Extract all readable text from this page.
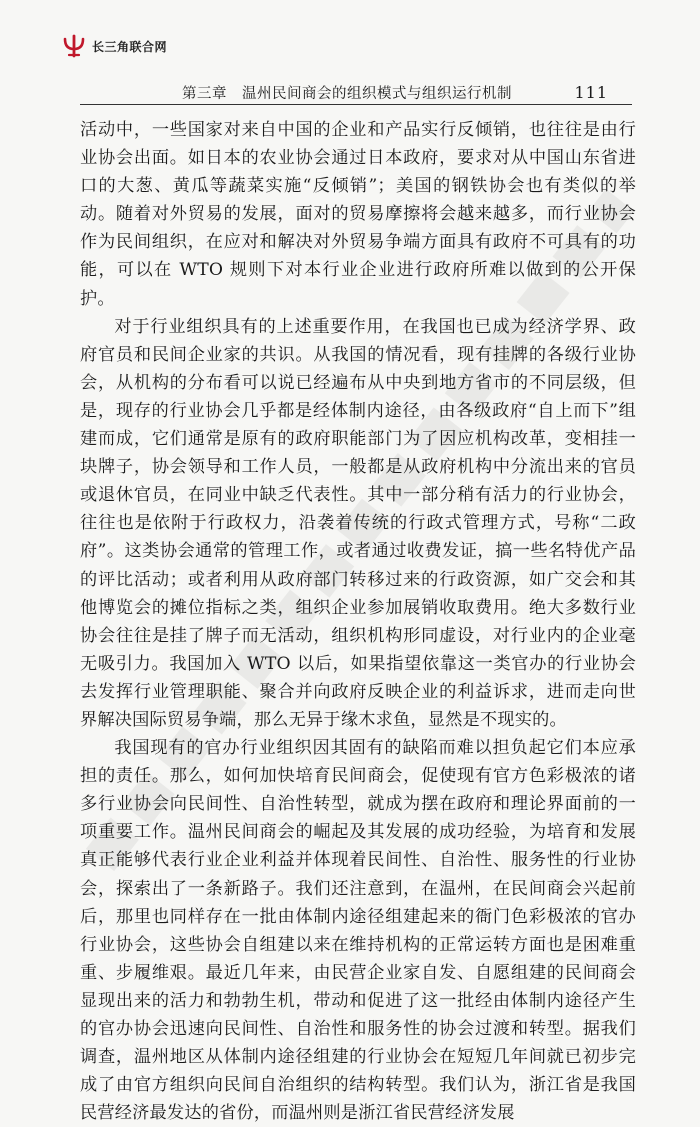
长三角联合网
第三章　温州民间商会的组织模式与组织运行机制	111

活动中，一些国家对来自中国的企业和产品实行反倾销，也往往是由行业协会出面。如日本的农业协会通过日本政府，要求对从中国山东省进口的大葱、黄瓜等蔬菜实施“反倾销”；美国的钢铁协会也有类似的举动。随着对外贸易的发展，面对的贸易摩擦将会越来越多，而行业协会作为民间组织，在应对和解决对外贸易争端方面具有政府不可具有的功能，可以在 WTO 规则下对本行业企业进行政府所难以做到的公开保护。

对于行业组织具有的上述重要作用，在我国也已成为经济学界、政府官员和民间企业家的共识。从我国的情况看，现有挂牌的各级行业协会，从机构的分布看可以说已经遍布从中央到地方省市的不同层级，但是，现存的行业协会几乎都是经体制内途径，由各级政府“自上而下”组建而成，它们通常是原有的政府职能部门为了因应机构改革，变相挂一块牌子，协会领导和工作人员，一般都是从政府机构中分流出来的官员或退休官员，在同业中缺乏代表性。其中一部分稍有活力的行业协会，往往也是依附于行政权力，沿袭着传统的行政式管理方式，号称“二政府”。这类协会通常的管理工作，或者通过收费发证，搞一些名特优产品的评比活动；或者利用从政府部门转移过来的行政资源，如广交会和其他博览会的摊位指标之类，组织企业参加展销收取费用。绝大多数行业协会往往是挂了牌子而无活动，组织机构形同虚设，对行业内的企业毫无吸引力。我国加入 WTO 以后，如果指望依靠这一类官办的行业协会去发挥行业管理职能、聚合并向政府反映企业的利益诉求，进而走向世界解决国际贸易争端，那么无异于缘木求鱼，显然是不现实的。

我国现有的官办行业组织因其固有的缺陷而难以担负起它们本应承担的责任。那么，如何加快培育民间商会，促使现有官方色彩极浓的诸多行业协会向民间性、自治性转型，就成为摆在政府和理论界面前的一项重要工作。温州民间商会的崛起及其发展的成功经验，为培育和发展真正能够代表行业企业利益并体现着民间性、自治性、服务性的行业协会，探索出了一条新路子。我们还注意到，在温州，在民间商会兴起前后，那里也同样存在一批由体制内途径组建起来的衙门色彩极浓的官办行业协会，这些协会自组建以来在维持机构的正常运转方面也是困难重重、步履维艰。最近几年来，由民营企业家自发、自愿组建的民间商会显现出来的活力和勃勃生机，带动和促进了这一批经由体制内途径产生的官办协会迅速向民间性、自治性和服务性的协会过渡和转型。据我们调查，温州地区从体制内途径组建的行业协会在短短几年间就已初步完成了由官方组织向民间自治组织的结构转型。我们认为，浙江省是我国民营经济最发达的省份，而温州则是浙江省民营经济发展
